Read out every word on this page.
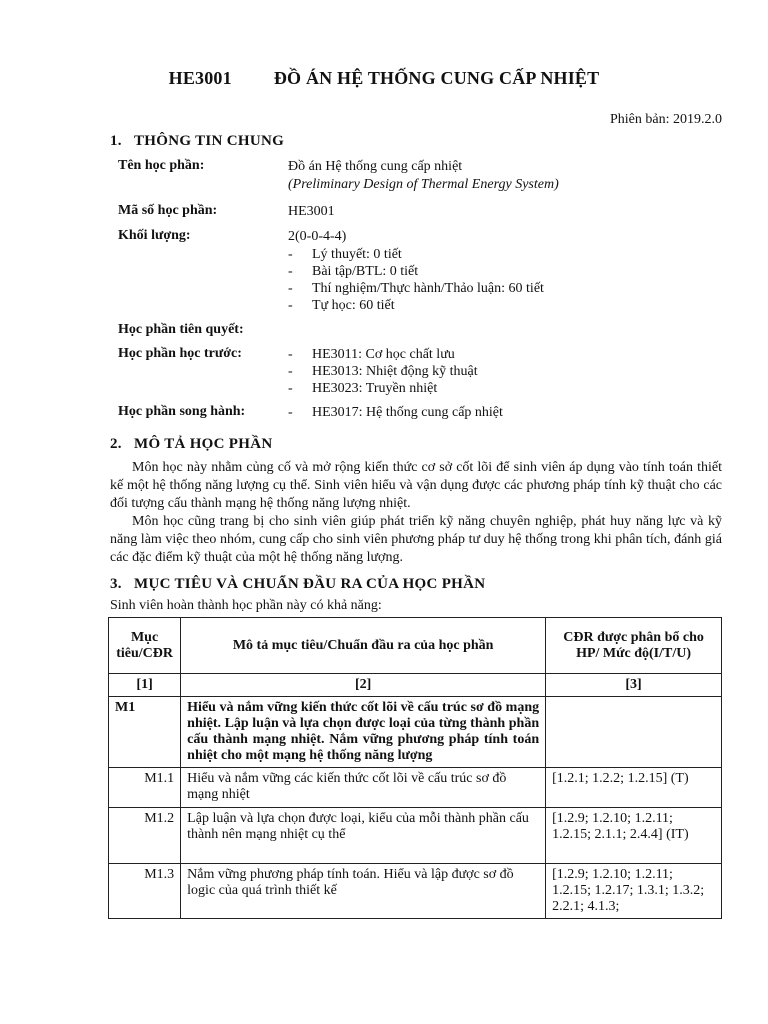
HE3001 ĐỒ ÁN HỆ THỐNG CUNG CẤP NHIỆT
Phiên bản: 2019.2.0
1. THÔNG TIN CHUNG
Tên học phần:	Đồ án Hệ thống cung cấp nhiệt
(Preliminary Design of Thermal Energy System)
Mã số học phần:	HE3001
Khối lượng:	2(0-0-4-4)
- Lý thuyết: 0 tiết
- Bài tập/BTL: 0 tiết
- Thí nghiệm/Thực hành/Thảo luận: 60 tiết
- Tự học: 60 tiết
Học phần tiên quyết:
Học phần học trước:	- HE3011: Cơ học chất lưu
- HE3013: Nhiệt động kỹ thuật
- HE3023: Truyền nhiệt
Học phần song hành:	- HE3017: Hệ thống cung cấp nhiệt
2. MÔ TẢ HỌC PHẦN

Môn học này nhằm củng cố và mở rộng kiến thức cơ sở cốt lõi để sinh viên áp dụng vào tính toán thiết kế một hệ thống năng lượng cụ thể. Sinh viên hiểu và vận dụng được các phương pháp tính kỹ thuật cho các đối tượng cấu thành mạng hệ thống năng lượng nhiệt.

Môn học cũng trang bị cho sinh viên giúp phát triển kỹ năng chuyên nghiệp, phát huy năng lực và kỹ năng làm việc theo nhóm, cung cấp cho sinh viên phương pháp tư duy hệ thống trong khi phân tích, đánh giá các đặc điểm kỹ thuật của một hệ thống năng lượng.

3. MỤC TIÊU VÀ CHUẨN ĐẦU RA CỦA HỌC PHẦN
Sinh viên hoàn thành học phần này có khả năng:
Mục tiêu/CĐR	Mô tả mục tiêu/Chuẩn đầu ra của học phần	CĐR được phân bổ cho HP/ Mức độ(I/T/U)
[1]	[2]	[3]
M1	Hiểu và nắm vững kiến thức cốt lõi về cấu trúc sơ đồ mạng nhiệt. Lập luận và lựa chọn được loại của từng thành phần cấu thành mạng nhiệt. Nắm vững phương pháp tính toán nhiệt cho một mạng hệ thống năng lượng	
M1.1	Hiểu và nắm vững các kiến thức cốt lõi về cấu trúc sơ đồ mạng nhiệt	[1.2.1; 1.2.2; 1.2.15] (T)
M1.2	Lập luận và lựa chọn được loại, kiểu của mỗi thành phần cấu thành nên mạng nhiệt cụ thể	[1.2.9; 1.2.10; 1.2.11; 1.2.15; 2.1.1; 2.4.4] (IT)
M1.3	Nắm vững phương pháp tính toán. Hiểu và lập được sơ đồ logic của quá trình thiết kế	[1.2.9; 1.2.10; 1.2.11; 1.2.15; 1.2.17; 1.3.1; 1.3.2; 2.2.1; 4.1.3;
